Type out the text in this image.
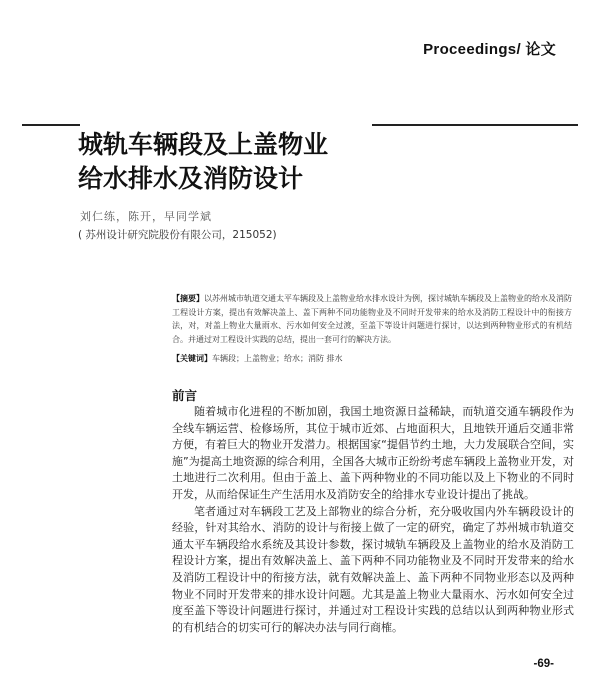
Proceedings/ 论文
城轨车辆段及上盖物业
给水排水及消防设计
刘仁练，陈开，早同学斌
( 苏州设计研究院股份有限公司，215052)
【摘要】以苏州城市轨道交通太平车辆段及上盖物业给水排水设计为例，探讨城轨车辆段及上盖物业的给水及消防工程设计方案，提出有效解决盖上、盖下两种不同功能物业及不同时开发带来的给水及消防工程设计中的衔接方法，对，对盖上物业大量雨水、污水如何安全过渡，至盖下等设计问题进行探讨，以达到两种物业形式的有机结合。并通过对工程设计实践的总结，提出一套可行的解决方法。
【关键词】车辆段；上盖物业；给水；消防 排水
前言

随着城市化进程的不断加剧，我国土地资源日益稀缺，而轨道交通车辆段作为全线车辆运营、检修场所，其位于城市近郊、占地面积大，且地铁开通后交通非常方便，有着巨大的物业开发潜力。根据国家“提倡节约土地，大力发展联合空间，实施”为提高土地资源的综合利用，全国各大城市正纷纷考虑车辆段上盖物业开发，对土地进行二次利用。但由于盖上、盖下两种物业的不同功能以及上下物业的不同时开发，从而给保证生产生活用水及消防安全的给排水专业设计提出了挑战。

笔者通过对车辆段工艺及上部物业的综合分析，充分吸收国内外车辆段设计的经验，针对其给水、消防的设计与衔接上做了一定的研究，确定了苏州城市轨道交通太平车辆段给水系统及其设计参数，探讨城轨车辆段及上盖物业的给水及消防工程设计方案，提出有效解决盖上、盖下两种不同功能物业及不同时开发带来的给水及消防工程设计中的衔接方法，就有效解决盖上、盖下两种不同物业形态以及两种物业不同时开发带来的排水设计问题。尤其是盖上物业大量雨水、污水如何安全过度至盖下等设计问题进行探讨，并通过对工程设计实践的总结以认到两种物业形式的有机结合的切实可行的解决办法与同行商榷。

-69-
